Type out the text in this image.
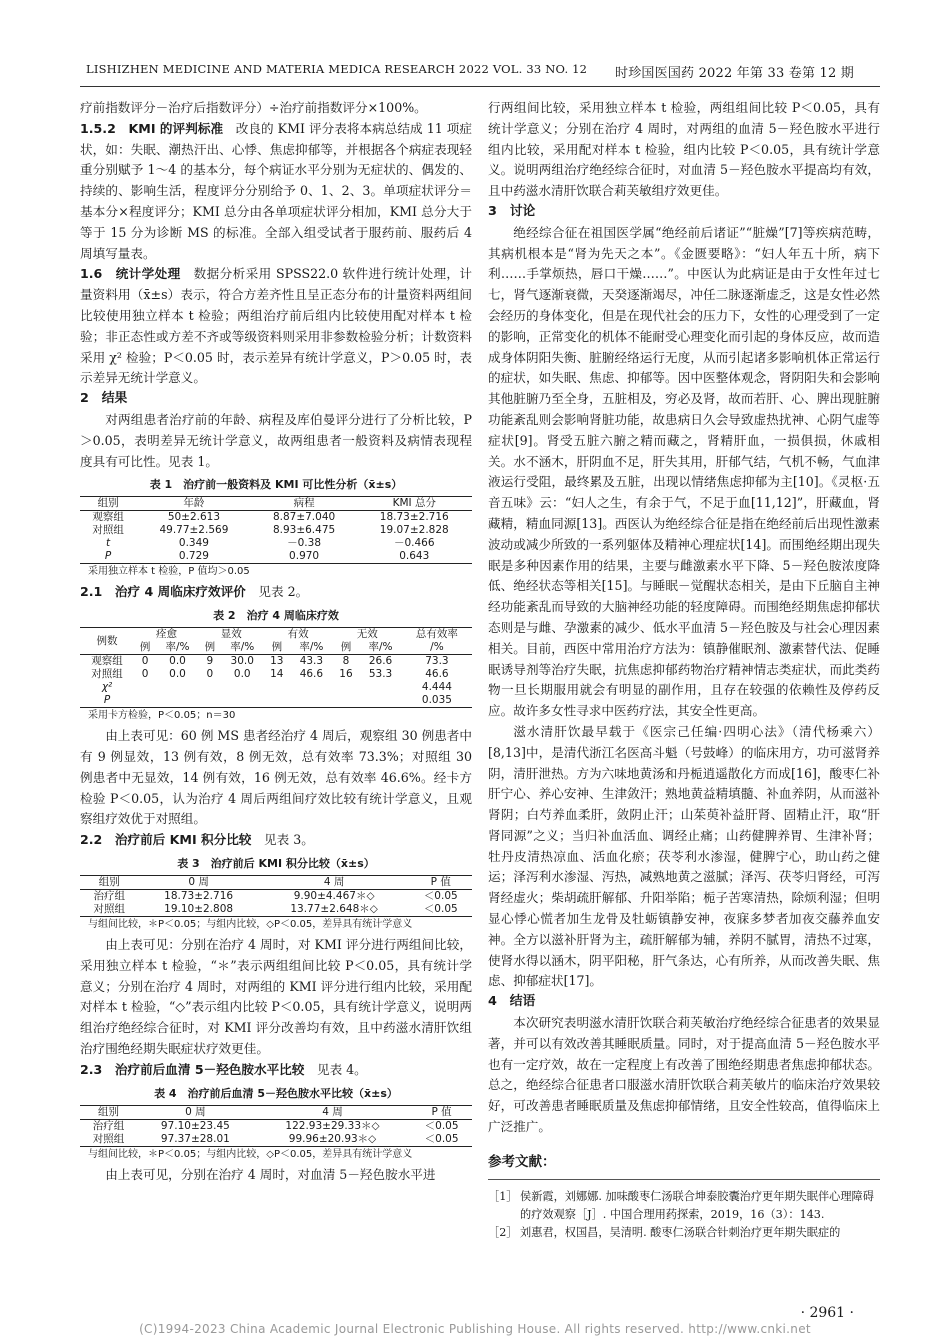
LISHIZHEN MEDICINE AND MATERIA MEDICA RESEARCH 2022 VOL. 33 NO. 12 时珍国医国药 2022 年第 33 卷第 12 期

疗前指数评分－治疗后指数评分）÷治疗前指数评分×100%。

1.5.2　KMI 的评判标准　 改良的 KMI 评分表将本病总结成 11 项症状，如：失眠、潮热汗出、心悸、焦虑抑郁等，并根据各个病症表现轻重分别赋予 1～4 的基本分，每个病证水平分别为无症状的、偶发的、持续的、影响生活，程度评分分别给予 0、1、2、3。单项症状评分＝基本分×程度评分；KMI 总分由各单项症状评分相加，KMI 总分大于等于 15 分为诊断 MS 的标准。全部入组受试者于服药前、服药后 4 周填写量表。

1.6　统计学处理　 数据分析采用 SPSS22.0 软件进行统计处理，计量资料用（x̄±s）表示，符合方差齐性且呈正态分布的计量资料两组间比较使用独立样本 t 检验；两组治疗前后组内比较使用配对样本 t 检验；非正态性或方差不齐或等级资料则采用非参数检验分析；计数资料采用 χ² 检验；P＜0.05 时，表示差异有统计学意义，P＞0.05 时，表示差异无统计学意义。

2　结果

对两组患者治疗前的年龄、病程及库伯曼评分进行了分析比较，P＞0.05，表明差异无统计学意义，故两组患者一般资料及病情表现程度具有可比性。见表 1。

表 1　治疗前一般资料及 KMI 可比性分析（x̄±s）
组别	年龄	病程	KMI 总分
观察组	50±2.613	8.87±7.040	18.73±2.716
对照组	49.77±2.569	8.93±6.475	19.07±2.828
t	0.349	－0.38	－0.466
P	0.729	0.970	0.643
采用独立样本 t 检验，P 值均＞0.05

2.1　治疗 4 周临床疗效评价　 见表 2。

表 2　治疗 4 周临床疗效
例数	痊愈		显效		有效		无效		总有效率
	例	率/%	例	率/%	例	率/%	例	率/%	/%
观察组	0	0.0	9	30.0	13	43.3	8	26.6	73.3
对照组	0	0.0	0	0.0	14	46.6	16	53.3	46.6
χ²									4.444
P									0.035
采用卡方检验，P＜0.05；n＝30

由上表可见：60 例 MS 患者经治疗 4 周后，观察组 30 例患者中有 9 例显效，13 例有效，8 例无效，总有效率 73.3%；对照组 30 例患者中无显效，14 例有效，16 例无效，总有效率 46.6%。经卡方检验 P＜0.05，认为治疗 4 周后两组间疗效比较有统计学意义，且观察组疗效优于对照组。

2.2　治疗前后 KMI 积分比较　 见表 3。

表 3　治疗前后 KMI 积分比较（x̄±s）
组别	0 周	4 周	P 值
治疗组	18.73±2.716	9.90±4.467＊◇	＜0.05
对照组	19.10±2.808	13.77±2.648＊◇	＜0.05
与组间比较，＊P＜0.05；与组内比较，◇P＜0.05，差异具有统计学意义

由上表可见：分别在治疗 4 周时，对 KMI 评分进行两组间比较，采用独立样本 t 检验，“＊”表示两组组间比较 P＜0.05，具有统计学意义；分别在治疗 4 周时，对两组的 KMI 评分进行组内比较，采用配对样本 t 检验，“◇”表示组内比较 P＜0.05，具有统计学意义，说明两组治疗绝经综合征时，对 KMI 评分改善均有效，且中药滋水清肝饮组治疗围绝经期失眠症状疗效更佳。

2.3　治疗前后血清 5－羟色胺水平比较　 见表 4。

表 4　治疗前后血清 5－羟色胺水平比较（x̄±s）
组别	0 周	4 周	P 值
治疗组	97.10±23.45	122.93±29.33＊◇	＜0.05
对照组	97.37±28.01	99.96±20.93＊◇	＜0.05
与组间比较，＊P＜0.05；与组内比较，◇P＜0.05，差异具有统计学意义

由上表可见，分别在治疗 4 周时，对血清 5－羟色胺水平进

行两组间比较，采用独立样本 t 检验，两组组间比较 P＜0.05，具有统计学意义；分别在治疗 4 周时，对两组的血清 5－羟色胺水平进行组内比较，采用配对样本 t 检验，组内比较 P＜0.05，具有统计学意义。说明两组治疗绝经综合征时，对血清 5－羟色胺水平提高均有效，且中药滋水清肝饮联合莉芙敏组疗效更佳。

3　讨论

绝经综合征在祖国医学属“绝经前后诸证”“脏燥”[7]等疾病范畴，其病机根本是“肾为先天之本”。《金匮要略》：“妇人年五十所，病下利……手掌烦热，唇口干燥……”。中医认为此病证是由于女性年过七七，肾气逐渐衰微，天癸逐渐竭尽，冲任二脉逐渐虚乏，这是女性必然会经历的身体变化，但是在现代社会的压力下，女性的心理受到了一定的影响，正常变化的机体不能耐受心理变化而引起的身体反应，故而造成身体阴阳失衡、脏腑经络运行无度，从而引起诸多影响机体正常运行的症状，如失眠、焦虑、抑郁等。因中医整体观念，肾阴阳失和会影响其他脏腑乃至全身，五脏相及，穷必及肾，故而若肝、心、脾出现脏腑功能紊乱则会影响肾脏功能，故患病日久会导致虚热扰神、心阴气虚等症状[9]。肾受五脏六腑之精而藏之，肾精肝血，一损俱损，休戚相关。水不涵木，肝阴血不足，肝失其用，肝郁气结，气机不畅，气血津液运行受阻，最终累及五脏，出现以情绪焦虑抑郁为主[10]。《灵枢·五音五味》云：“妇人之生，有余于气，不足于血[11,12]”，肝藏血，肾藏精，精血同源[13]。西医认为绝经综合征是指在绝经前后出现性激素波动或减少所致的一系列躯体及精神心理症状[14]。而围绝经期出现失眠是多种因素作用的结果，主要与雌激素水平下降、5－羟色胺浓度降低、绝经状态等相关[15]。与睡眠－觉醒状态相关，是由下丘脑自主神经功能紊乱而导致的大脑神经功能的轻度障碍。而围绝经期焦虑抑郁状态则是与雌、孕激素的减少、低水平血清 5－羟色胺及与社会心理因素相关。目前，西医中常用治疗方法为：镇静催眠剂、激素替代法、促睡眠诱导剂等治疗失眠，抗焦虑抑郁药物治疗精神情志类症状，而此类药物一旦长期服用就会有明显的副作用，且存在较强的依赖性及停药反应。故许多女性寻求中医药疗法，其安全性更高。

滋水清肝饮最早载于《医宗己任编·四明心法》（清代杨乘六）[8,13]中，是清代浙江名医高斗魁（号鼓峰）的临床用方，功可滋肾养阴，清肝泄热。方为六味地黄汤和丹栀逍遥散化方而成[16]，酸枣仁补肝宁心、养心安神、生津敛汗；熟地黄益精填髓、补血养阴，从而滋补肾阴；白芍养血柔肝，敛阴止汗；山茱萸补益肝肾、固精止汗，取“肝肾同源”之义；当归补血活血、调经止痛；山药健脾养胃、生津补肾；牡丹皮清热凉血、活血化瘀；茯苓利水渗湿，健脾宁心，助山药之健运；泽泻利水渗湿、泻热，减熟地黄之滋腻；泽泻、茯苓归肾经，可泻肾经虚火；柴胡疏肝解郁、升阳举陷；栀子苦寒清热，除烦利湿；但明显心悸心慌者加生龙骨及牡蛎镇静安神，夜寐多梦者加夜交藤养血安神。全方以滋补肝肾为主，疏肝解郁为辅，养阴不腻胃，清热不过寒，使肾水得以涵木，阴平阳秘，肝气条达，心有所养，从而改善失眠、焦虑、抑郁症状[17]。

4　结语

本次研究表明滋水清肝饮联合莉芙敏治疗绝经综合征患者的效果显著，并可以有效改善其睡眠质量。同时，对于提高血清 5－羟色胺水平也有一定疗效，故在一定程度上有改善了围绝经期患者焦虑抑郁状态。总之，绝经综合征患者口服滋水清肝饮联合莉芙敏片的临床治疗效果较好，可改善患者睡眠质量及焦虑抑郁情绪，且安全性较高，值得临床上广泛推广。

参考文献：
［1］ 侯新霞，刘娜娜. 加味酸枣仁汤联合坤泰胶囊治疗更年期失眠伴心理障碍的疗效观察［J］. 中国合理用药探索，2019，16（3）：143.
［2］ 刘惠君，权国昌，吴清明. 酸枣仁汤联合针刺治疗更年期失眠症的
· 2961 ·
(C)1994-2023 China Academic Journal Electronic Publishing House. All rights reserved. http://www.cnki.net
